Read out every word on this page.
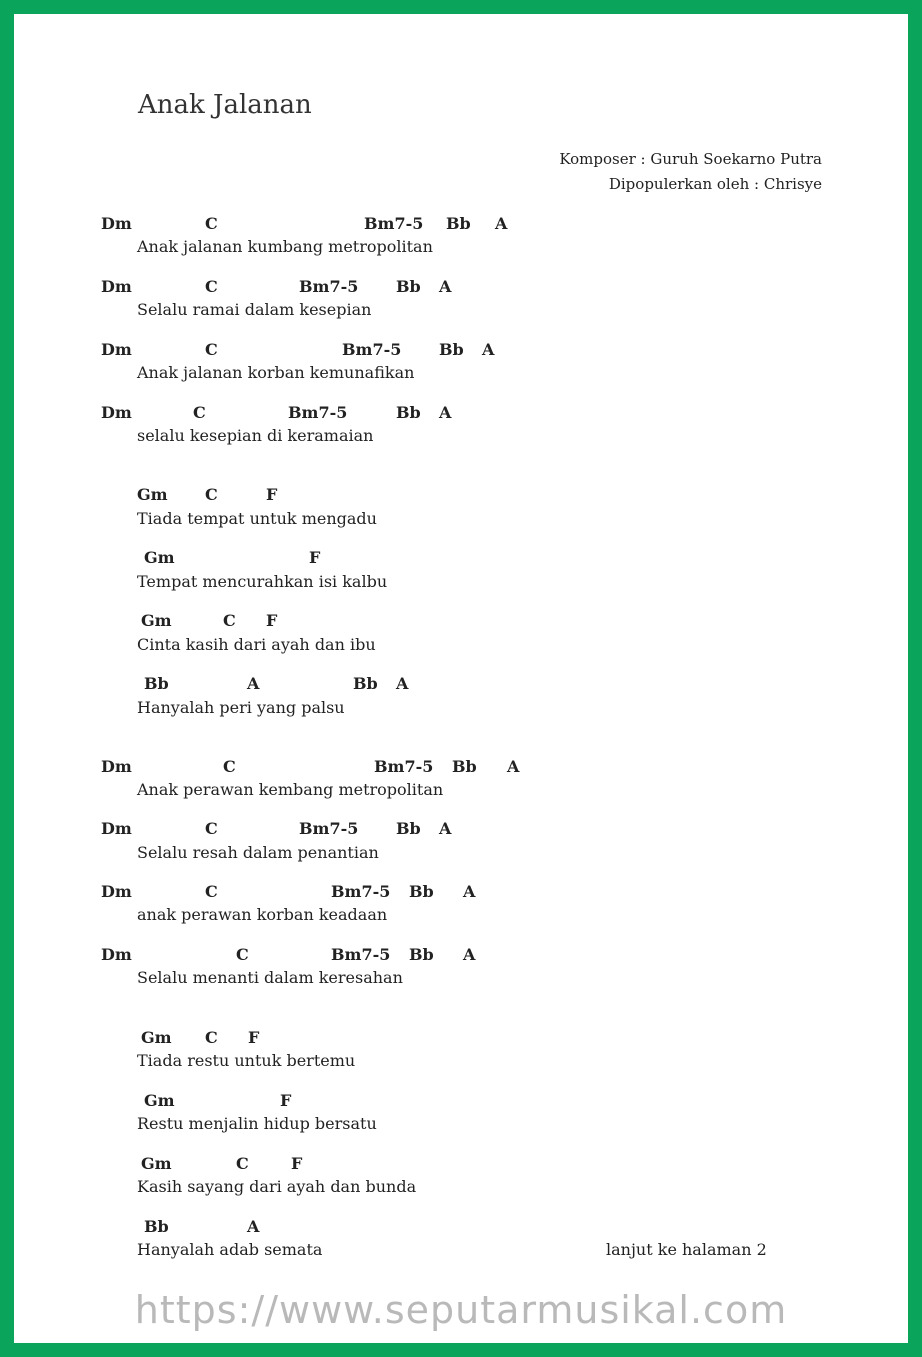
Anak Jalanan
Komposer : Guruh Soekarno Putra
Dipopulerkan oleh : Chrisye
Dm	C	Bm7-5 Bb A
Anak jalanan kumbang metropolitan
Dm	C	Bm7-5 Bb A
Selalu ramai dalam kesepian
Dm	C	Bm7-5 Bb A
Anak jalanan korban kemunafikan
Dm	C	Bm7-5	Bb A
selalu kesepian di keramaian
Gm C	F
Tiada tempat untuk mengadu
Gm	F
Tempat mencurahkan isi kalbu
Gm	C F
Cinta kasih dari ayah dan ibu
Bb	A	Bb A
Hanyalah peri yang palsu
Dm	C	Bm7-5 Bb A
Anak perawan kembang metropolitan
Dm	C	Bm7-5 Bb A
Selalu resah dalam penantian
Dm	C	Bm7-5 Bb A
anak perawan korban keadaan
Dm	C	Bm7-5 Bb A
Selalu menanti dalam keresahan
Gm C F
Tiada restu untuk bertemu
Gm	F
Restu menjalin hidup bersatu
Gm	C	F
Kasih sayang dari ayah dan bunda
Bb	A
Hanyalah adab semata	lanjut ke halaman 2
https://www.seputarmusikal.com
